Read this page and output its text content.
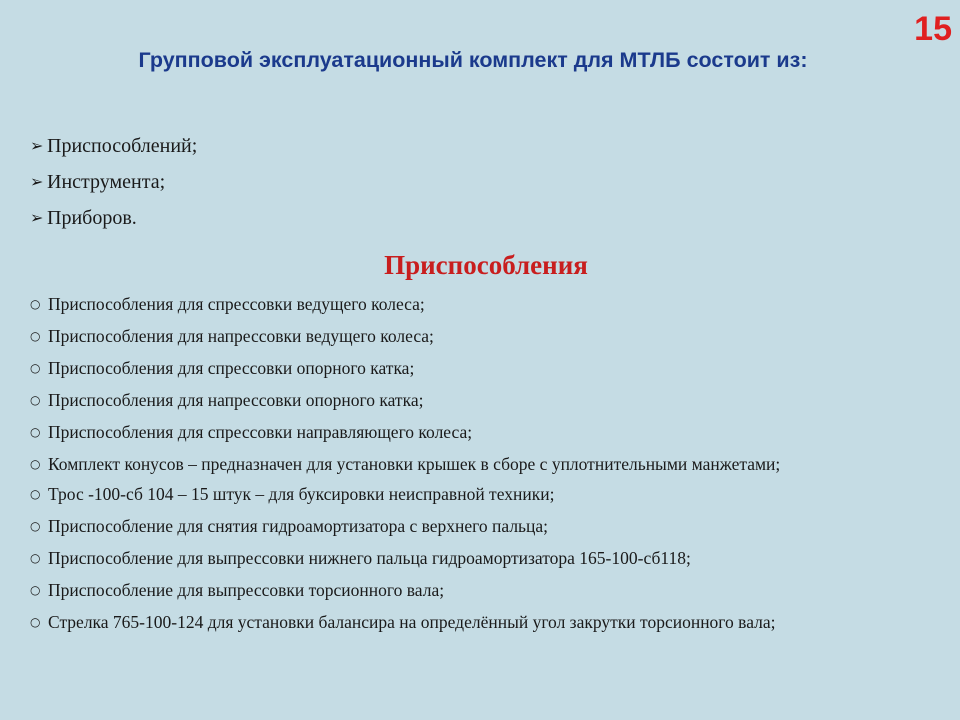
15
Групповой эксплуатационный комплект для МТЛБ состоит из:
➢ Приспособлений;
➢ Инструмента;
➢ Приборов.
Приспособления
○ Приспособления для спрессовки ведущего колеса;
○ Приспособления для напрессовки ведущего колеса;
○ Приспособления для спрессовки опорного катка;
○ Приспособления для напрессовки опорного катка;
○ Приспособления для спрессовки направляющего колеса;
○ Комплект конусов – предназначен для установки крышек в сборе с уплотнительными манжетами;
○ Трос -100-сб 104 – 15 штук – для буксировки неисправной техники;
○ Приспособление для снятия гидроамортизатора с верхнего пальца;
○ Приспособление для выпрессовки нижнего пальца гидроамортизатора 165-100-сб118;
○ Приспособление для выпрессовки торсионного вала;
○ Стрелка 765-100-124 для установки балансира на определённый угол закрутки торсионного вала;
